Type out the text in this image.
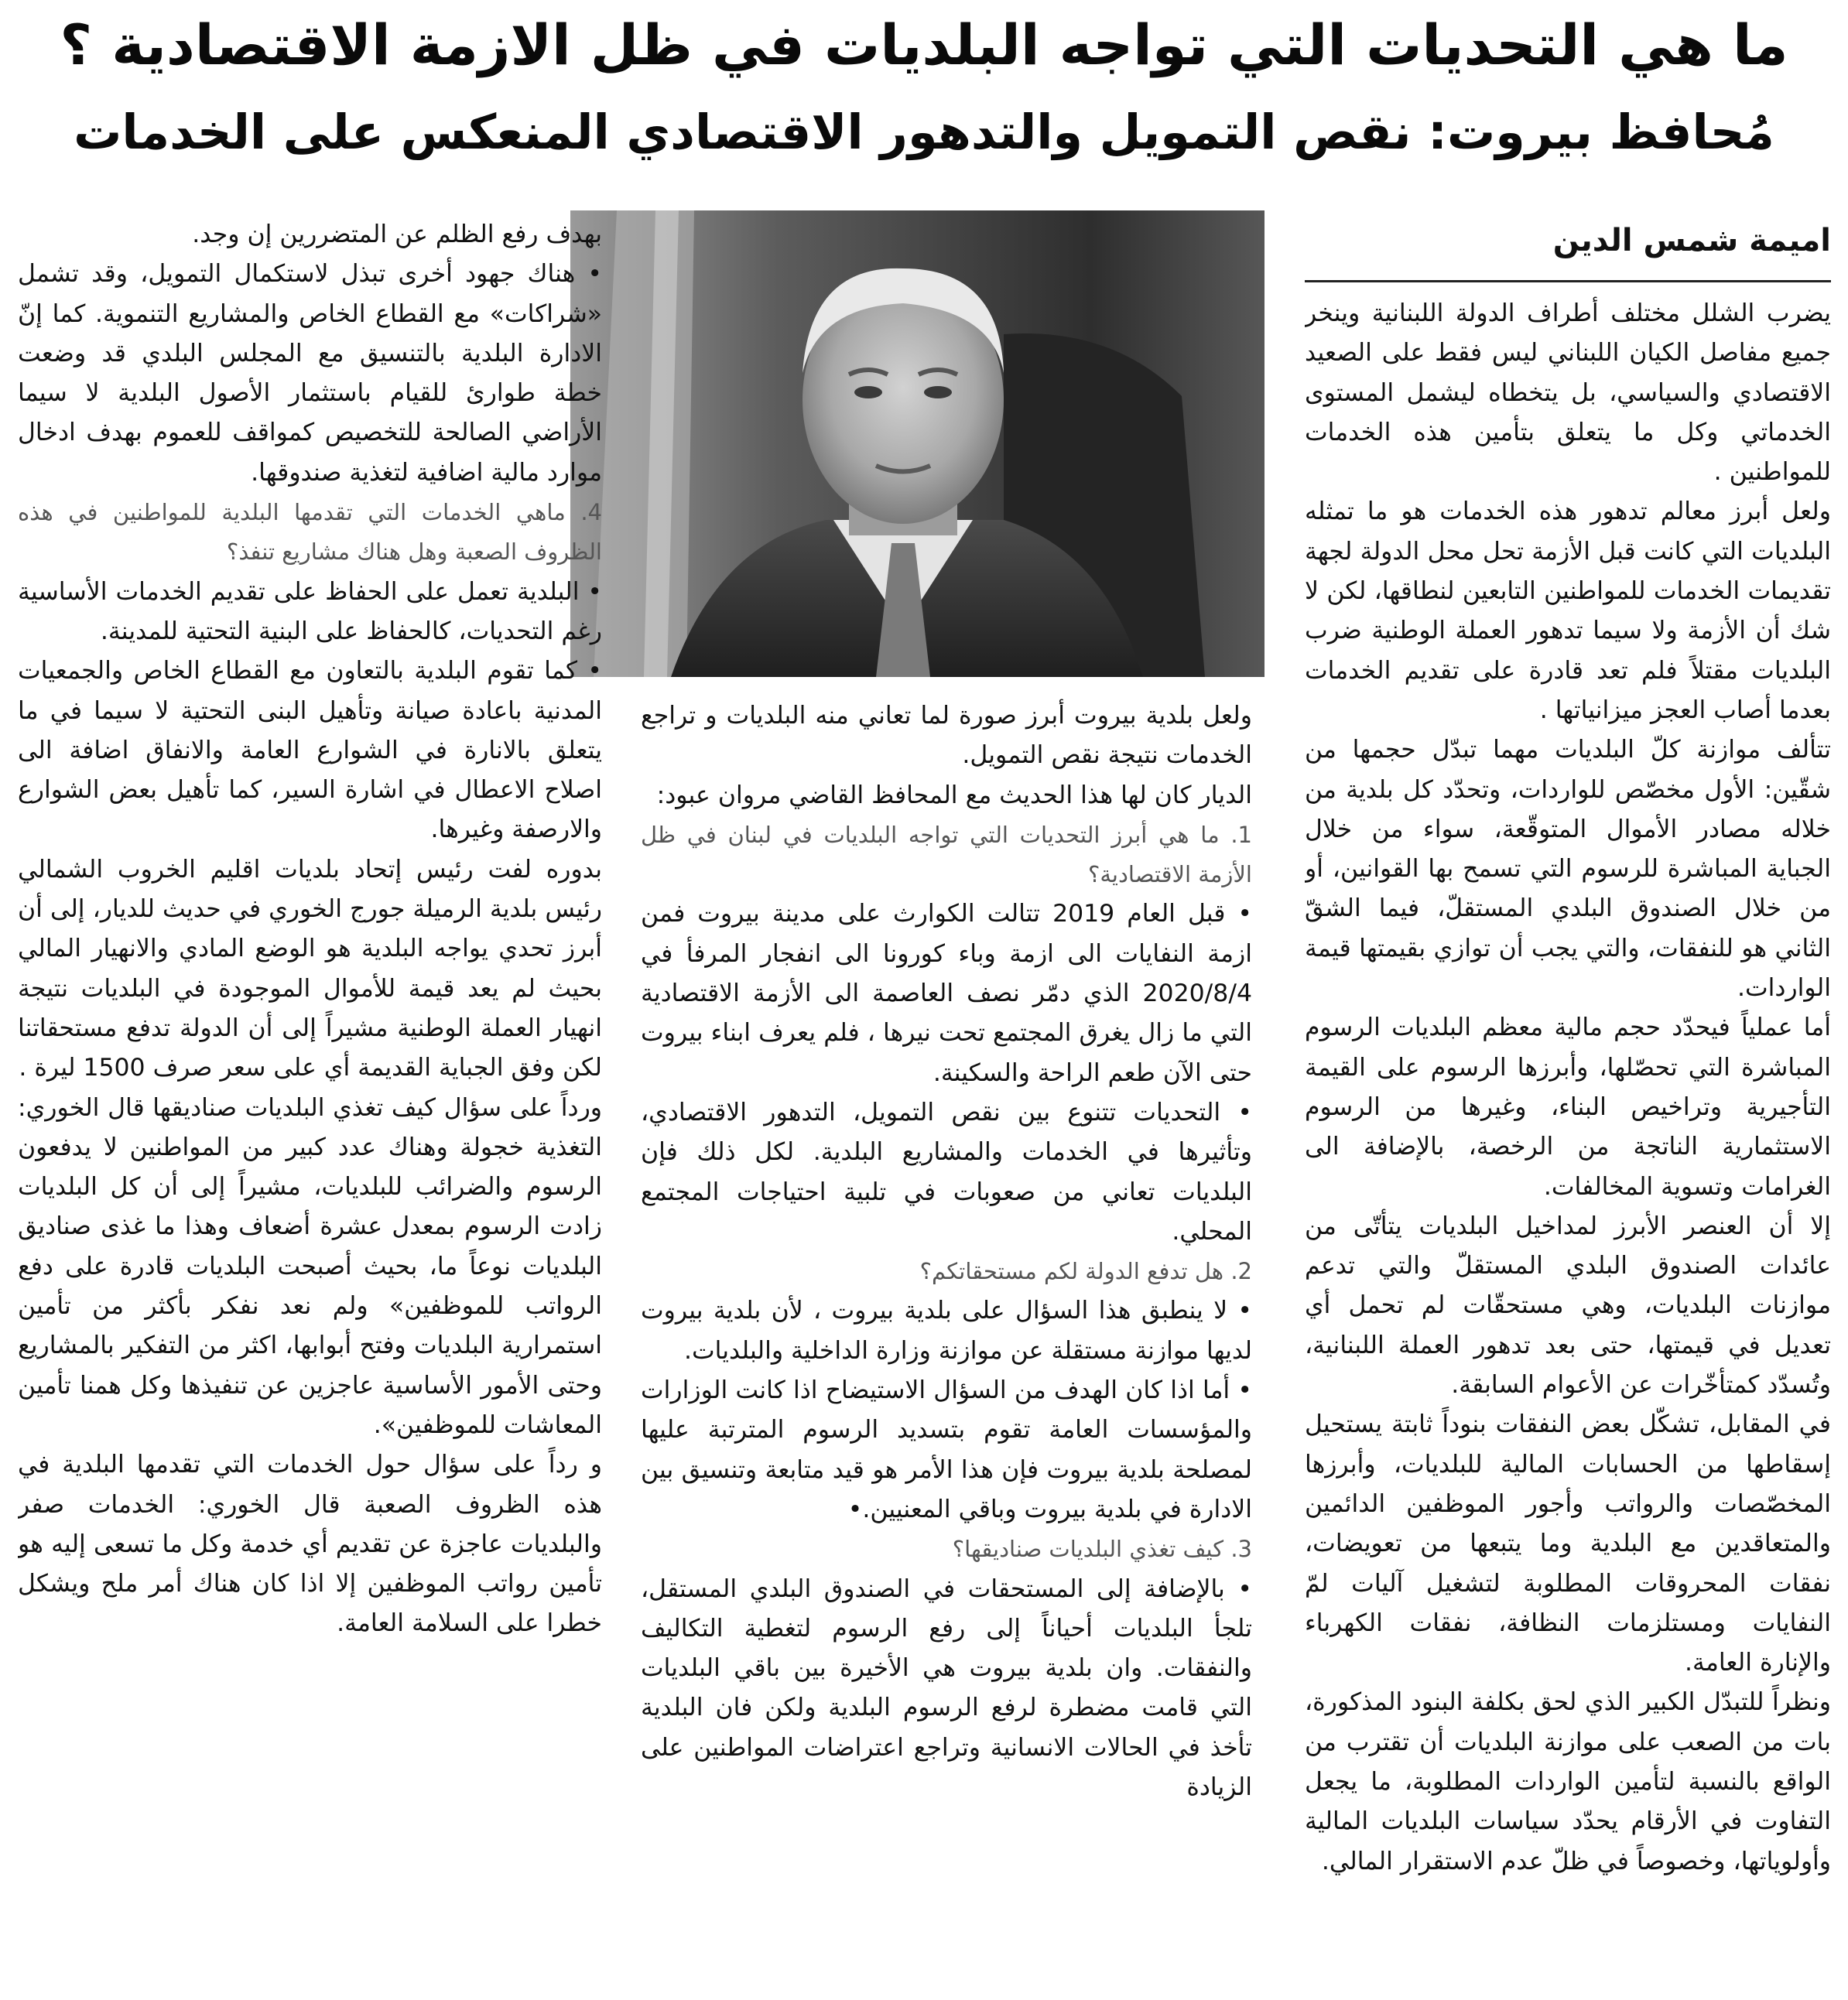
ما هي التحديات التي تواجه البلديات في ظل الازمة الاقتصادية ؟
مُحافظ بيروت: نقص التمويل والتدهور الاقتصادي المنعكس على الخدمات
اميمة شمس الدين

يضرب الشلل مختلف أطراف الدولة اللبنانية وينخر جميع مفاصل الكيان اللبناني ليس فقط على الصعيد الاقتصادي والسياسي، بل يتخطاه ليشمل المستوى الخدماتي وكل ما يتعلق بتأمين هذه الخدمات للمواطنين .

ولعل أبرز معالم تدهور هذه الخدمات هو ما تمثله البلديات التي كانت قبل الأزمة تحل محل الدولة لجهة تقديمات الخدمات للمواطنين التابعين لنطاقها، لكن لا شك أن الأزمة ولا سيما تدهور العملة الوطنية ضرب البلديات مقتلاً فلم تعد قادرة على تقديم الخدمات بعدما أصاب العجز ميزانياتها .

تتألف موازنة كلّ البلديات مهما تبدّل حجمها من شقّين: الأول مخصّص للواردات، وتحدّد كل بلدية من خلاله مصادر الأموال المتوقّعة، سواء من خلال الجباية المباشرة للرسوم التي تسمح بها القوانين، أو من خلال الصندوق البلدي المستقلّ، فيما الشقّ الثاني هو للنفقات، والتي يجب أن توازي بقيمتها قيمة الواردات.

أما عملياً فيحدّد حجم مالية معظم البلديات الرسوم المباشرة التي تحصّلها، وأبرزها الرسوم على القيمة التأجيرية وتراخيص البناء، وغيرها من الرسوم الاستثمارية الناتجة من الرخصة، بالإضافة الى الغرامات وتسوية المخالفات.

إلا أن العنصر الأبرز لمداخيل البلديات يتأتّى من عائدات الصندوق البلدي المستقلّ والتي تدعم موازنات البلديات، وهي مستحقّات لم تحمل أي تعديل في قيمتها، حتى بعد تدهور العملة اللبنانية، وتُسدّد كمتأخّرات عن الأعوام السابقة.

في المقابل، تشكّل بعض النفقات بنوداً ثابتة يستحيل إسقاطها من الحسابات المالية للبلديات، وأبرزها المخصّصات والرواتب وأجور الموظفين الدائمين والمتعاقدين مع البلدية وما يتبعها من تعويضات، نفقات المحروقات المطلوبة لتشغيل آليات لمّ النفايات ومستلزمات النظافة، نفقات الكهرباء والإنارة العامة.

ونظراً للتبدّل الكبير الذي لحق بكلفة البنود المذكورة، بات من الصعب على موازنة البلديات أن تقترب من الواقع بالنسبة لتأمين الواردات المطلوبة، ما يجعل التفاوت في الأرقام يحدّد سياسات البلديات المالية وأولوياتها، وخصوصاً في ظلّ عدم الاستقرار المالي.

ولعل بلدية بيروت أبرز صورة لما تعاني منه البلديات و تراجع الخدمات نتيجة نقص التمويل.

الديار كان لها هذا الحديث مع المحافظ القاضي مروان عبود:

1. ما هي أبرز التحديات التي تواجه البلديات في لبنان في ظل الأزمة الاقتصادية؟

• قبل العام 2019 تتالت الكوارث على مدينة بيروت فمن ازمة النفايات الى ازمة وباء كورونا الى انفجار المرفأ في 2020/8/4 الذي دمّر نصف العاصمة الى الأزمة الاقتصادية التي ما زال يغرق المجتمع تحت نيرها ، فلم يعرف ابناء بيروت حتى الآن طعم الراحة والسكينة.

• التحديات تتنوع بين نقص التمويل، التدهور الاقتصادي، وتأثيرها في الخدمات والمشاريع البلدية. لكل ذلك فإن البلديات تعاني من صعوبات في تلبية احتياجات المجتمع المحلي.

2. هل تدفع الدولة لكم مستحقاتكم؟

• لا ينطبق هذا السؤال على بلدية بيروت ، لأن بلدية بيروت لديها موازنة مستقلة عن موازنة وزارة الداخلية والبلديات.

• أما اذا كان الهدف من السؤال الاستيضاح اذا كانت الوزارات والمؤسسات العامة تقوم بتسديد الرسوم المترتبة عليها لمصلحة بلدية بيروت فإن هذا الأمر هو قيد متابعة وتنسيق بين الادارة في بلدية بيروت وباقي المعنيين.•

3. كيف تغذي البلديات صناديقها؟

• بالإضافة إلى المستحقات في الصندوق البلدي المستقل، تلجأ البلديات أحياناً إلى رفع الرسوم لتغطية التكاليف والنفقات. وان بلدية بيروت هي الأخيرة بين باقي البلديات التي قامت مضطرة لرفع الرسوم البلدية ولكن فان البلدية تأخذ في الحالات الانسانية وتراجع اعتراضات المواطنين على الزيادة

بهدف رفع الظلم عن المتضررين إن وجد.

• هناك جهود أخرى تبذل لاستكمال التمويل، وقد تشمل «شراكات» مع القطاع الخاص والمشاريع التنموية. كما إنّ الادارة البلدية بالتنسيق مع المجلس البلدي قد وضعت خطة طوارئ للقيام باستثمار الأصول البلدية لا سيما الأراضي الصالحة للتخصيص كمواقف للعموم بهدف ادخال موارد مالية اضافية لتغذية صندوقها.

4. ماهي الخدمات التي تقدمها البلدية للمواطنين في هذه الظروف الصعبة وهل هناك مشاريع تنفذ؟

• البلدية تعمل على الحفاظ على تقديم الخدمات الأساسية رغم التحديات، كالحفاظ على البنية التحتية للمدينة.

• كما تقوم البلدية بالتعاون مع القطاع الخاص والجمعيات المدنية باعادة صيانة وتأهيل البنى التحتية لا سيما في ما يتعلق بالانارة في الشوارع العامة والانفاق اضافة الى اصلاح الاعطال في اشارة السير، كما تأهيل بعض الشوارع والارصفة وغيرها.

بدوره لفت رئيس إتحاد بلديات اقليم الخروب الشمالي رئيس بلدية الرميلة جورج الخوري في حديث للديار، إلى أن أبرز تحدي يواجه البلدية هو الوضع المادي والانهيار المالي بحيث لم يعد قيمة للأموال الموجودة في البلديات نتيجة انهيار العملة الوطنية مشيراً إلى أن الدولة تدفع مستحقاتنا لكن وفق الجباية القديمة أي على سعر صرف 1500 ليرة .

ورداً على سؤال كيف تغذي البلديات صناديقها قال الخوري: التغذية خجولة وهناك عدد كبير من المواطنين لا يدفعون الرسوم والضرائب للبلديات، مشيراً إلى أن كل البلديات زادت الرسوم بمعدل عشرة أضعاف وهذا ما غذى صناديق البلديات نوعاً ما، بحيث أصبحت البلديات قادرة على دفع الرواتب للموظفين» ولم نعد نفكر بأكثر من تأمين استمرارية البلديات وفتح أبوابها، اكثر من التفكير بالمشاريع وحتى الأمور الأساسية عاجزين عن تنفيذها وكل همنا تأمين المعاشات للموظفين».

و رداً على سؤال حول الخدمات التي تقدمها البلدية في هذه الظروف الصعبة قال الخوري: الخدمات صفر والبلديات عاجزة عن تقديم أي خدمة وكل ما تسعى إليه هو تأمين رواتب الموظفين إلا اذا كان هناك أمر ملح ويشكل خطرا على السلامة العامة.
